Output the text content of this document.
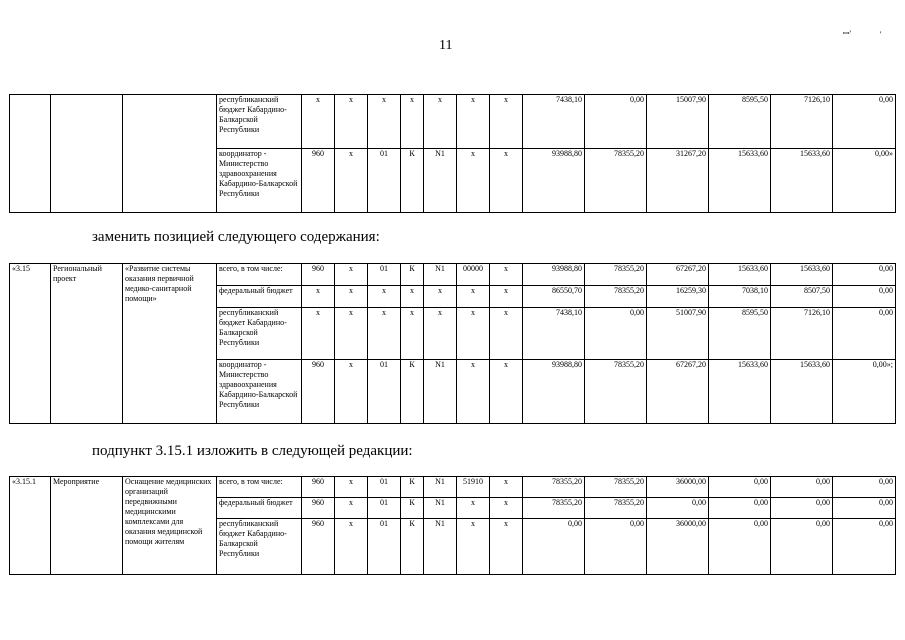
11
ꟷ'	'
			республиканский бюджет Кабардино-Балкарской Республики	x	x	x	x	x	x	x	7438,10	0,00	15007,90	8595,50	7126,10	0,00
			координатор - Министерство здравоохранения Кабардино-Балкарской Республики	960	x	01	К	N1	x	x	93988,80	78355,20	31267,20	15633,60	15633,60	0,00»
заменить позицией следующего содержания:
«3.15	Региональный проект	«Развитие системы оказания первичной медико-санитарной помощи»	всего, в том числе:	960	x	01	К	N1	00000	x	93988,80	78355,20	67267,20	15633,60	15633,60	0,00
			федеральный бюджет	x	x	x	x	x	x	x	86550,70	78355,20	16259,30	7038,10	8507,50	0,00
			республиканский бюджет Кабардино-Балкарской Республики	x	x	x	x	x	x	x	7438,10	0,00	51007,90	8595,50	7126,10	0,00
			координатор - Министерство здравоохранения Кабардино-Балкарской Республики	960	x	01	К	N1	x	x	93988,80	78355,20	67267,20	15633,60	15633,60	0,00»;
подпункт 3.15.1 изложить в следующей редакции:
«3.15.1	Мероприятие	Оснащение медицинских организаций передвижными медицинскими комплексами для оказания медицинской помощи жителям	всего, в том числе:	960	x	01	К	N1	51910	x	78355,20	78355,20	36000,00	0,00	0,00	0,00
			федеральный бюджет	960	x	01	К	N1	x	x	78355,20	78355,20	0,00	0,00	0,00	0,00
			республиканский бюджет Кабардино-Балкарской Республики	960	x	01	К	N1	x	x	0,00	0,00	36000,00	0,00	0,00	0,00
